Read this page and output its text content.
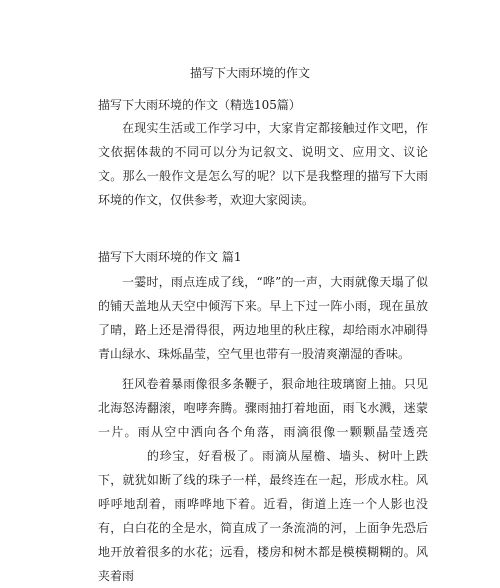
描写下大雨环境的作文
描写下大雨环境的作文（精选105篇）

在现实生活或工作学习中，大家肯定都接触过作文吧，作文依据体裁的不同可以分为记叙文、说明文、应用文、议论文。那么一般作文是怎么写的呢？以下是我整理的描写下大雨环境的作文，仅供参考，欢迎大家阅读。

描写下大雨环境的作文 篇1

一霎时，雨点连成了线，“哗”的一声，大雨就像天塌了似的铺天盖地从天空中倾泻下来。早上下过一阵小雨，现在虽放了晴，路上还是滑得很，两边地里的秋庄稼，却给雨水冲刷得青山绿水、珠烁晶莹，空气里也带有一股清爽潮湿的香味。

狂风卷着暴雨像很多条鞭子，狠命地往玻璃窗上抽。只见北海怒涛翻滚，咆哮奔腾。骤雨抽打着地面，雨飞水溅，迷蒙一片。雨从空中洒向各个角落，雨滴很像一颗颗晶莹透亮的珍宝，好看极了。雨滴从屋檐、墙头、树叶上跌下，就犹如断了线的珠子一样，最终连在一起，形成水柱。风呼呼地刮着，雨哗哗地下着。近看，街道上连一个人影也没有，白白花的全是水，简直成了一条流淌的河，上面争先恐后地开放着很多的水花；远看，楼房和树木都是模模糊糊的。风夹着雨
